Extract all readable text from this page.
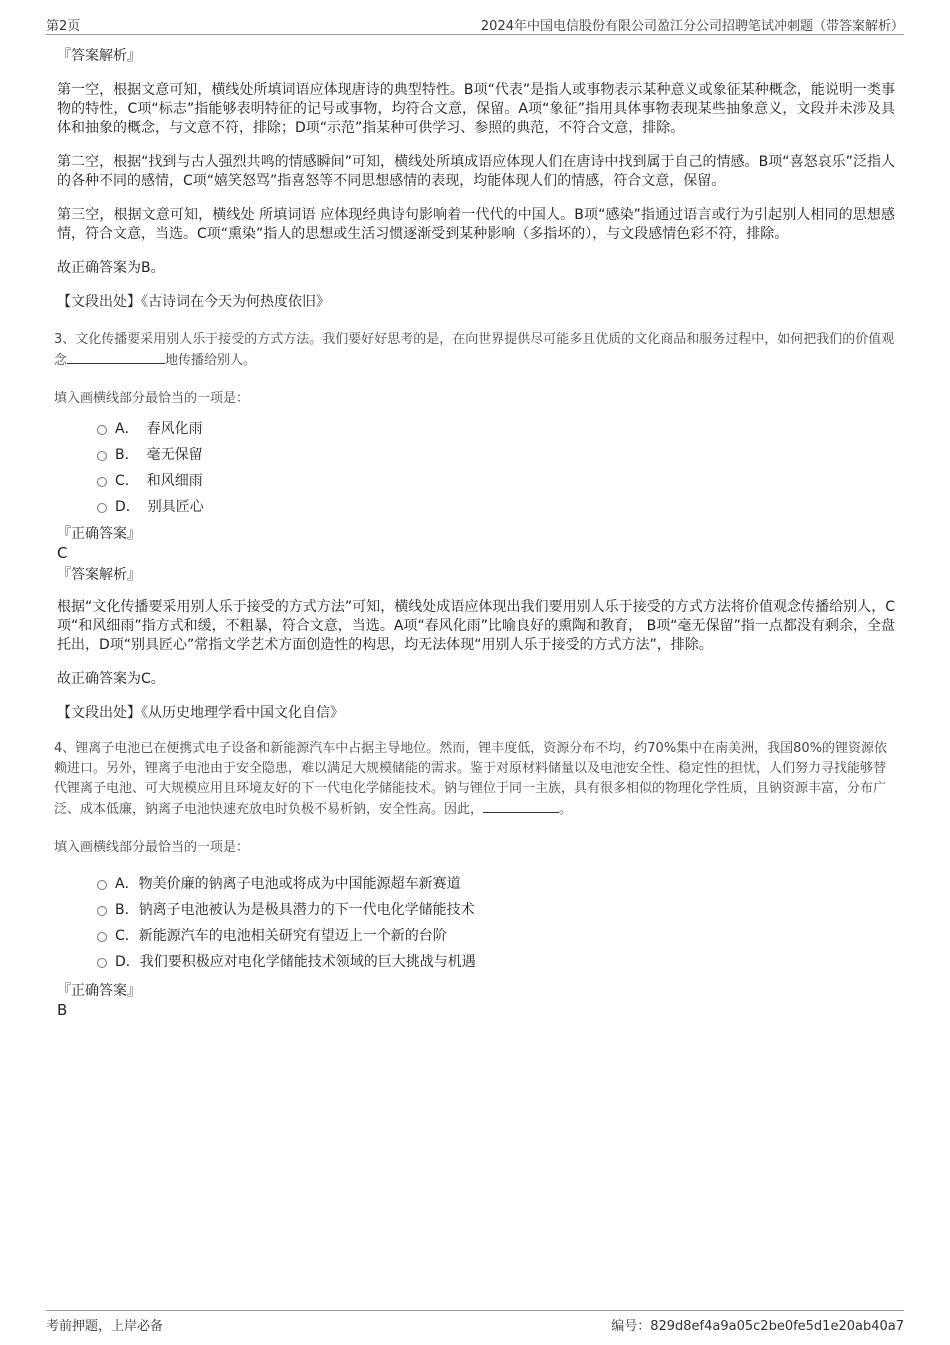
第2页	2024年中国电信股份有限公司盈江分公司招聘笔试冲刺题（带答案解析）

『答案解析』

第一空，根据文意可知，横线处所填词语应体现唐诗的典型特性。B项“代表”是指人或事物表示某种意义或象征某种概念，能说明一类事物的特性，C项“标志”指能够表明特征的记号或事物，均符合文意，保留。A项“象征”指用具体事物表现某些抽象意义，文段并未涉及具体和抽象的概念，与文意不符，排除；D项“示范”指某种可供学习、参照的典范，不符合文意，排除。

第二空，根据“找到与古人强烈共鸣的情感瞬间”可知，横线处所填成语应体现人们在唐诗中找到属于自己的情感。B项“喜怒哀乐”泛指人的各种不同的感情，C项“嬉笑怒骂”指喜怒等不同思想感情的表现，均能体现人们的情感，符合文意，保留。

第三空，根据文意可知，横线处 所填词语 应体现经典诗句影响着一代代的中国人。B项“感染”指通过语言或行为引起别人相同的思想感情，符合文意，当选。C项“熏染”指人的思想或生活习惯逐渐受到某种影响（多指坏的），与文段感情色彩不符，排除。

故正确答案为B。

【文段出处】《古诗词在今天为何热度依旧》

3、文化传播要采用别人乐于接受的方式方法。我们要好好思考的是，在向世界提供尽可能多且优质的文化商品和服务过程中，如何把我们的价值观念	地传播给别人。

填入画横线部分最恰当的一项是：

A． 春风化雨
B． 毫无保留
C． 和风细雨
D． 别具匠心

『正确答案』

C

『答案解析』

根据“文化传播要采用别人乐于接受的方式方法”可知，横线处成语应体现出我们要用别人乐于接受的方式方法将价值观念传播给别人，C项“和风细雨”指方式和缓，不粗暴，符合文意，当选。A项“春风化雨”比喻良好的熏陶和教育， B项“毫无保留”指一点都没有剩余，全盘托出，D项“别具匠心”常指文学艺术方面创造性的构思，均无法体现“用别人乐于接受的方式方法”，排除。

故正确答案为C。

【文段出处】《从历史地理学看中国文化自信》

4、锂离子电池已在便携式电子设备和新能源汽车中占据主导地位。然而，锂丰度低，资源分布不均，约70%集中在南美洲，我国80%的锂资源依赖进口。另外，锂离子电池由于安全隐患，难以满足大规模储能的需求。鉴于对原材料储量以及电池安全性、稳定性的担忧，人们努力寻找能够替代锂离子电池、可大规模应用且环境友好的下一代电化学储能技术。钠与锂位于同一主族，具有很多相似的物理化学性质，且钠资源丰富，分布广泛、成本低廉，钠离子电池快速充放电时负极不易析钠，安全性高。因此，	。

填入画横线部分最恰当的一项是：

A．物美价廉的钠离子电池或将成为中国能源超车新赛道
B．钠离子电池被认为是极具潜力的下一代电化学储能技术
C．新能源汽车的电池相关研究有望迈上一个新的台阶
D．我们要积极应对电化学储能技术领域的巨大挑战与机遇

『正确答案』

B

考前押题，上岸必备	编号：829d8ef4a9a05c2be0fe5d1e20ab40a7
